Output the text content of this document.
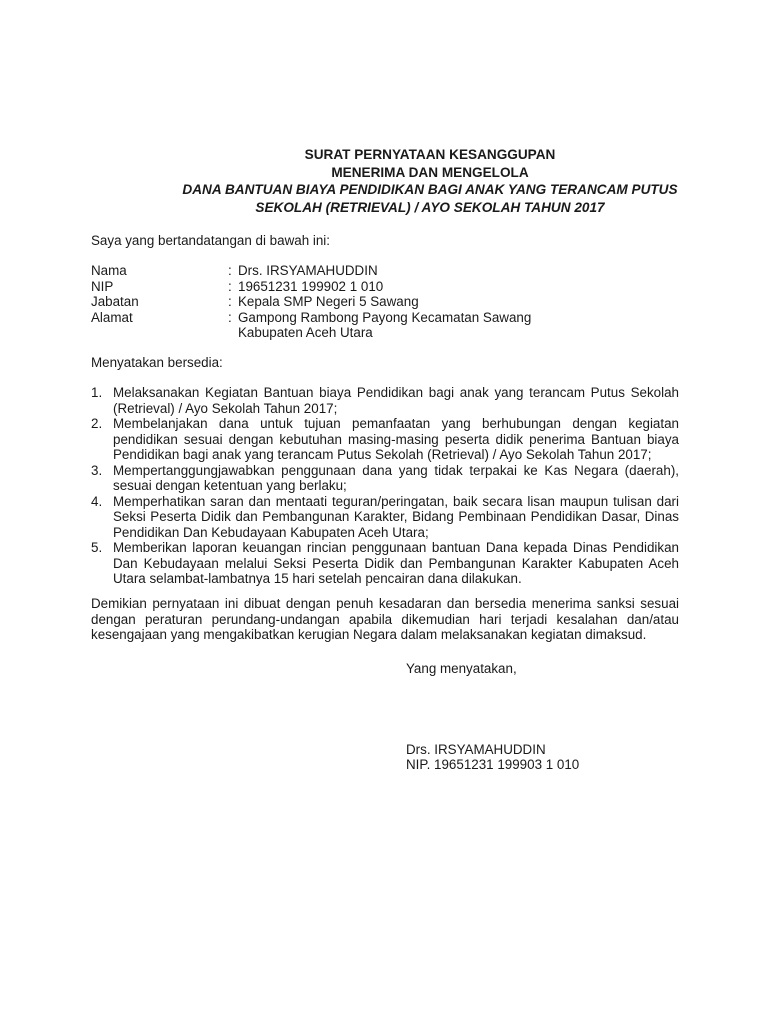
SURAT PERNYATAAN KESANGGUPAN
MENERIMA DAN MENGELOLA
DANA BANTUAN BIAYA PENDIDIKAN BAGI ANAK YANG TERANCAM PUTUS
SEKOLAH (RETRIEVAL) / AYO SEKOLAH TAHUN 2017
Saya yang bertandatangan di bawah ini:
Nama	: Drs. IRSYAMAHUDDIN
NIP	: 19651231 199902 1 010
Jabatan	: Kepala SMP Negeri 5 Sawang
Alamat	: Gampong Rambong Payong Kecamatan Sawang
Kabupaten Aceh Utara
Menyatakan bersedia:
1. Melaksanakan Kegiatan Bantuan biaya Pendidikan bagi anak yang terancam Putus Sekolah (Retrieval) / Ayo Sekolah Tahun 2017;
2. Membelanjakan dana untuk tujuan pemanfaatan yang berhubungan dengan kegiatan pendidikan sesuai dengan kebutuhan masing-masing peserta didik penerima Bantuan biaya Pendidikan bagi anak yang terancam Putus Sekolah (Retrieval) / Ayo Sekolah Tahun 2017;
3. Mempertanggungjawabkan penggunaan dana yang tidak terpakai ke Kas Negara (daerah), sesuai dengan ketentuan yang berlaku;
4. Memperhatikan saran dan mentaati teguran/peringatan, baik secara lisan maupun tulisan dari Seksi Peserta Didik dan Pembangunan Karakter, Bidang Pembinaan Pendidikan Dasar, Dinas Pendidikan Dan Kebudayaan Kabupaten Aceh Utara;
5. Memberikan laporan keuangan rincian penggunaan bantuan Dana kepada Dinas Pendidikan Dan Kebudayaan melalui Seksi Peserta Didik dan Pembangunan Karakter Kabupaten Aceh Utara selambat-lambatnya 15 hari setelah pencairan dana dilakukan.
Demikian pernyataan ini dibuat dengan penuh kesadaran dan bersedia menerima sanksi sesuai dengan peraturan perundang-undangan apabila dikemudian hari terjadi kesalahan dan/atau kesengajaan yang mengakibatkan kerugian Negara dalam melaksanakan kegiatan dimaksud.
Yang menyatakan,
Drs. IRSYAMAHUDDIN
NIP. 19651231 199903 1 010
